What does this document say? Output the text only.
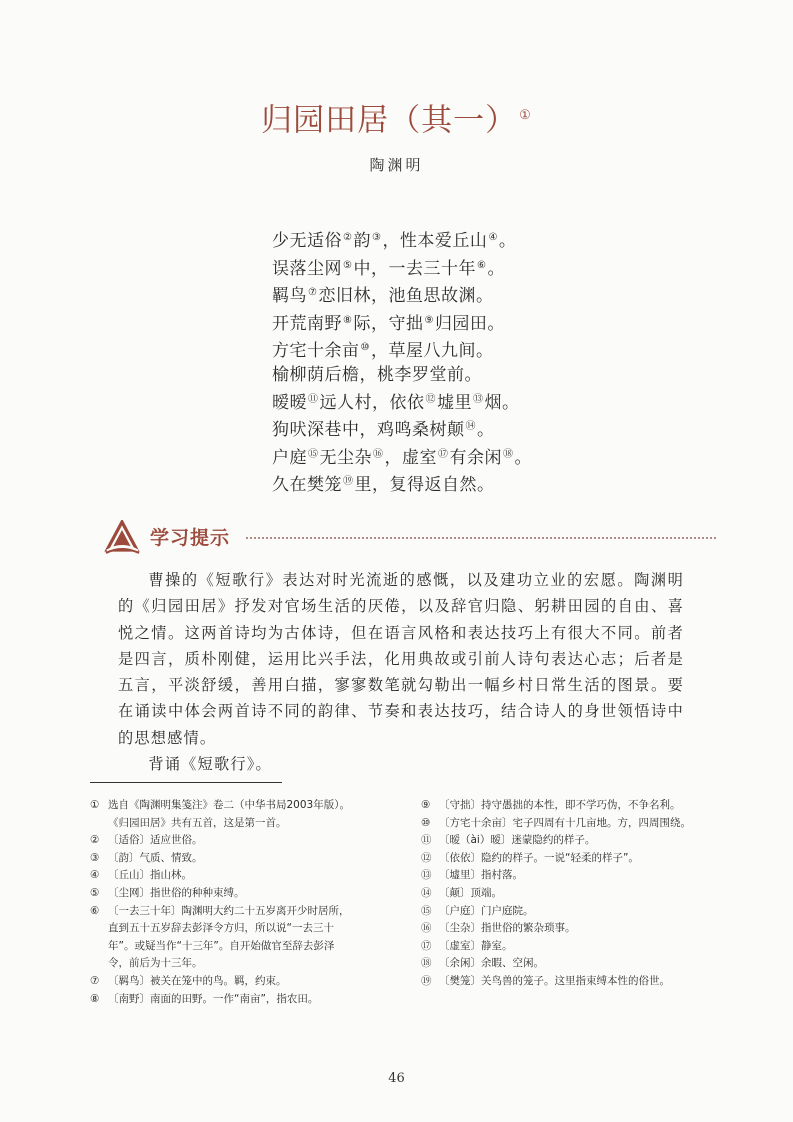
归园田居（其一） ①
陶渊明
少无适俗②韵③，性本爱丘山④。
误落尘网⑤中，一去三十年⑥。
羁鸟⑦恋旧林，池鱼思故渊。
开荒南野⑧际，守拙⑨归园田。
方宅十余亩⑩，草屋八九间。
榆柳荫后檐，桃李罗堂前。
暧暧⑪远人村，依依⑫墟里⑬烟。
狗吠深巷中，鸡鸣桑树颠⑭。
户庭⑮无尘杂⑯，虚室⑰有余闲⑱。
久在樊笼⑲里，复得返自然。
学习提示

曹操的《短歌行》表达对时光流逝的感慨，以及建功立业的宏愿。陶渊明的《归园田居》抒发对官场生活的厌倦，以及辞官归隐、躬耕田园的自由、喜悦之情。这两首诗均为古体诗，但在语言风格和表达技巧上有很大不同。前者是四言，质朴刚健，运用比兴手法，化用典故或引前人诗句表达心志；后者是五言，平淡舒缓，善用白描，寥寥数笔就勾勒出一幅乡村日常生活的图景。要在诵读中体会两首诗不同的韵律、节奏和表达技巧，结合诗人的身世领悟诗中的思想感情。

背诵《短歌行》。

① 选自《陶渊明集笺注》卷二（中华书局2003年版）。
《归园田居》共有五首，这是第一首。
② 〔适俗〕适应世俗。
③ 〔韵〕气质、情致。
④ 〔丘山〕指山林。
⑤ 〔尘网〕指世俗的种种束缚。
⑥ 〔一去三十年〕陶渊明大约二十五岁离开少时居所，
直到五十五岁辞去彭泽令方归，所以说“一去三十
年”。或疑当作“十三年”。自开始做官至辞去彭泽
令，前后为十三年。
⑦ 〔羁鸟〕被关在笼中的鸟。羁，约束。
⑧ 〔南野〕南面的田野。一作“南亩”，指农田。
⑨ 〔守拙〕持守愚拙的本性，即不学巧伪，不争名利。
⑩ 〔方宅十余亩〕宅子四周有十几亩地。方，四周围绕。
⑪ 〔暧（ài）暧〕迷蒙隐约的样子。
⑫ 〔依依〕隐约的样子。一说“轻柔的样子”。
⑬ 〔墟里〕指村落。
⑭ 〔颠〕顶端。
⑮ 〔户庭〕门户庭院。
⑯ 〔尘杂〕指世俗的繁杂琐事。
⑰ 〔虚室〕静室。
⑱ 〔余闲〕余暇、空闲。
⑲ 〔樊笼〕关鸟兽的笼子。这里指束缚本性的俗世。
46
